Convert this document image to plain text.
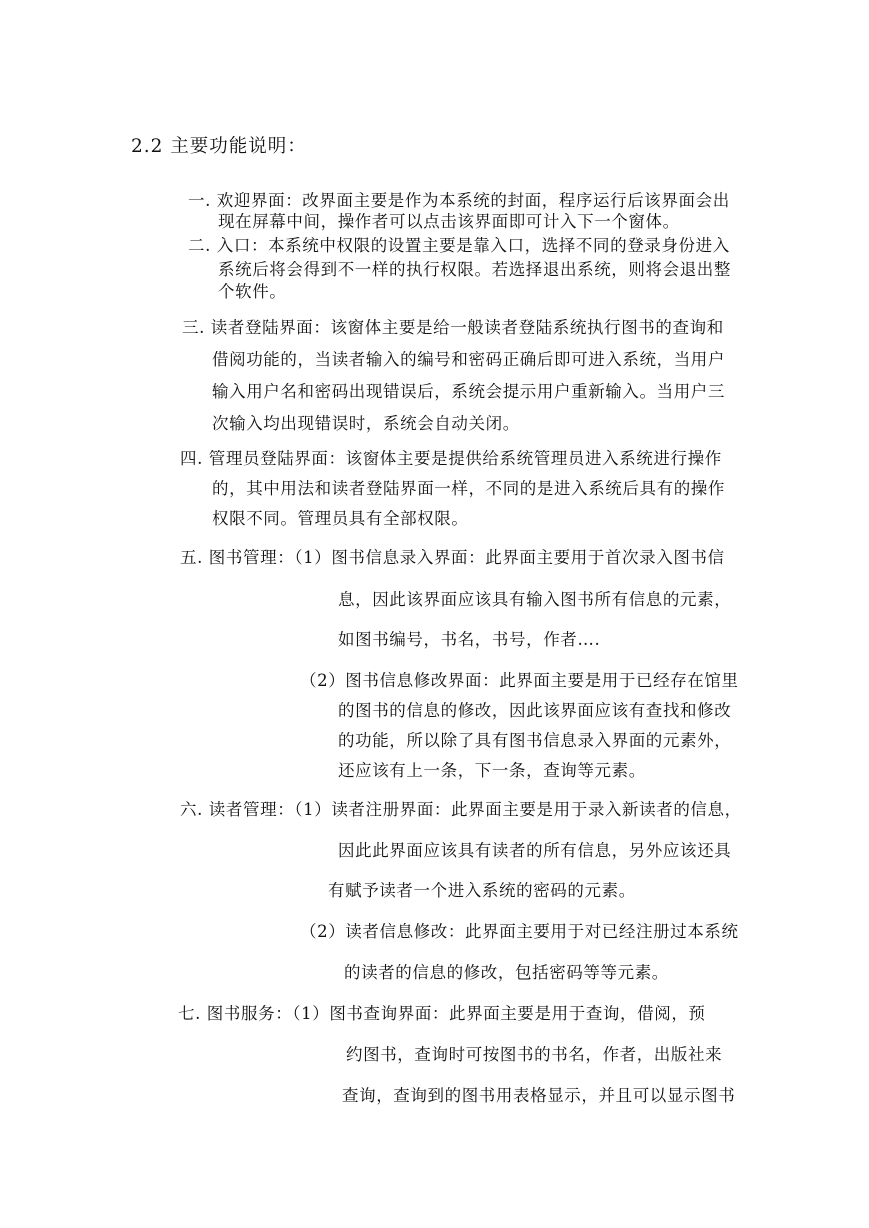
2.2 主要功能说明：

一. 欢迎界面：改界面主要是作为本系统的封面，程序运行后该界面会出

现在屏幕中间，操作者可以点击该界面即可计入下一个窗体。

二. 入口：本系统中权限的设置主要是靠入口，选择不同的登录身份进入

系统后将会得到不一样的执行权限。若选择退出系统，则将会退出整

个软件。

三. 读者登陆界面：该窗体主要是给一般读者登陆系统执行图书的查询和

借阅功能的，当读者输入的编号和密码正确后即可进入系统，当用户

输入用户名和密码出现错误后，系统会提示用户重新输入。当用户三

次输入均出现错误时，系统会自动关闭。

四. 管理员登陆界面：该窗体主要是提供给系统管理员进入系统进行操作

的，其中用法和读者登陆界面一样，不同的是进入系统后具有的操作

权限不同。管理员具有全部权限。

五. 图书管理：（1）图书信息录入界面：此界面主要用于首次录入图书信

息，因此该界面应该具有输入图书所有信息的元素，

如图书编号，书名，书号，作者….

（2）图书信息修改界面：此界面主要是用于已经存在馆里

的图书的信息的修改，因此该界面应该有查找和修改

的功能，所以除了具有图书信息录入界面的元素外，

还应该有上一条，下一条，查询等元素。

六. 读者管理：（1）读者注册界面：此界面主要是用于录入新读者的信息，

因此此界面应该具有读者的所有信息，另外应该还具

有赋予读者一个进入系统的密码的元素。

（2）读者信息修改：此界面主要用于对已经注册过本系统

的读者的信息的修改，包括密码等等元素。

七. 图书服务：（1）图书查询界面：此界面主要是用于查询，借阅，预

约图书，查询时可按图书的书名，作者，出版社来

查询，查询到的图书用表格显示，并且可以显示图书
